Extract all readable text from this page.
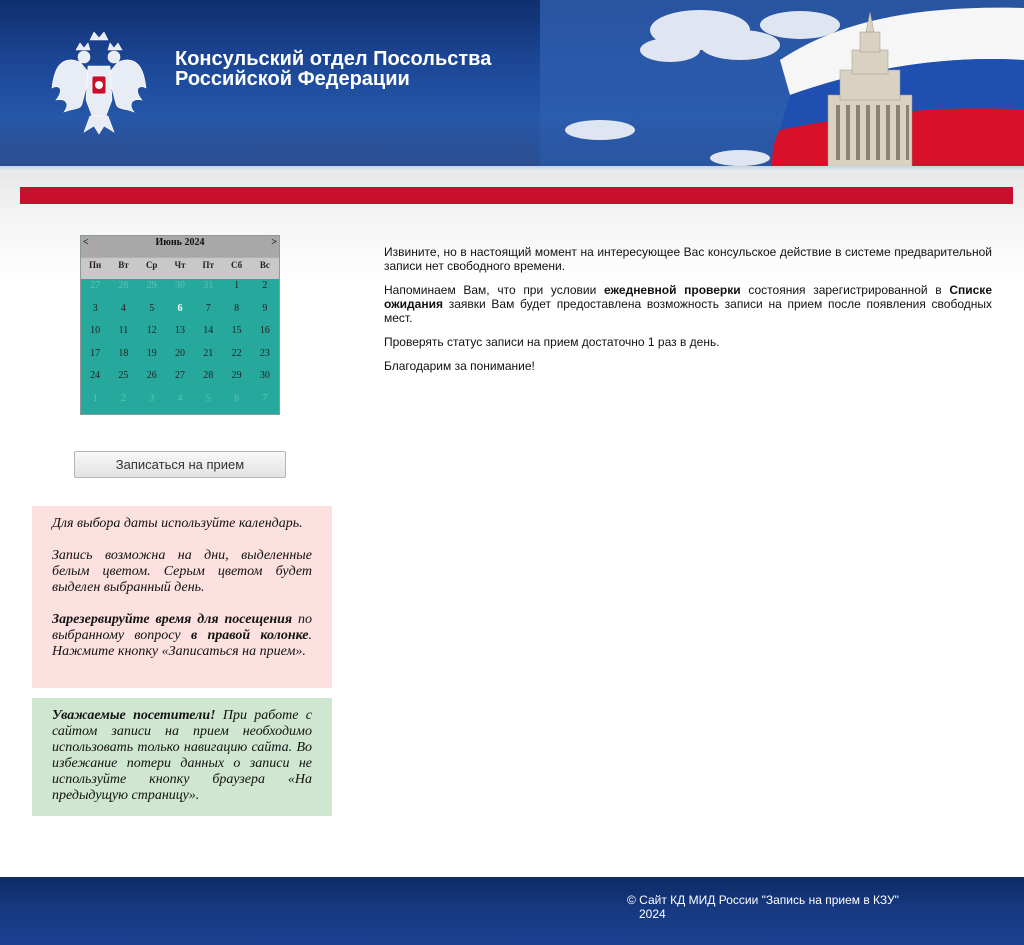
Консульский отдел Посольства
Российской Федерации
<	Июнь 2024	>
Пн	Вт	Ср	Чт	Пт	Сб	Вс
27	28	29	30	31	1	2
3	4	5	6	7	8	9
10	11	12	13	14	15	16
17	18	19	20	21	22	23
24	25	26	27	28	29	30
1	2	3	4	5	6	7
Записаться на прием

Для выбора даты используйте календарь.

Запись возможна на дни, выделенные белым цветом. Серым цветом будет выделен выбранный день.

Зарезервируйте время для посещения по выбранному вопросу в правой колонке. Нажмите кнопку «Записаться на прием».

Уважаемые посетители! При работе с сайтом записи на прием необходимо использовать только навигацию сайта. Во избежание потери данных о записи не используйте кнопку браузера «На предыдущую страницу».

Извините, но в настоящий момент на интересующее Вас консульское действие в системе предварительной записи нет свободного времени.

Напоминаем Вам, что при условии ежедневной проверки состояния зарегистрированной в Списке ожидания заявки Вам будет предоставлена возможность записи на прием после появления свободных мест.

Проверять статус записи на прием достаточно 1 раз в день.

Благодарим за понимание!

© Сайт КД МИД России "Запись на прием в КЗУ"
2024
